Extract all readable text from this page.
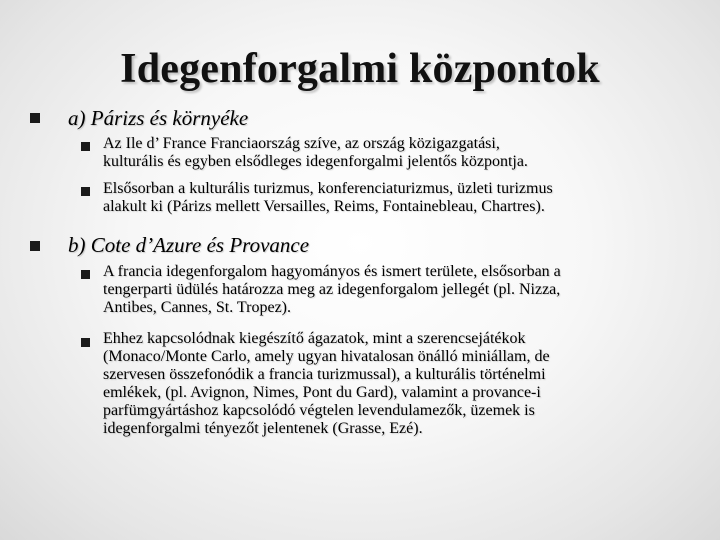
Idegenforgalmi központok
a) Párizs és környéke
Az Ile d’ France Franciaország szíve, az ország közigazgatási,
kulturális és egyben elsődleges idegenforgalmi jelentős központja.
Elsősorban a kulturális turizmus, konferenciaturizmus, üzleti turizmus
alakult ki (Párizs mellett Versailles, Reims, Fontainebleau, Chartres).
b) Cote d’Azure és Provance
A francia idegenforgalom hagyományos és ismert területe, elsősorban a
tengerparti üdülés határozza meg az idegenforgalom jellegét (pl. Nizza,
Antibes, Cannes, St. Tropez).
Ehhez kapcsolódnak kiegészítő ágazatok, mint a szerencsejátékok
(Monaco/Monte Carlo, amely ugyan hivatalosan önálló miniállam, de
szervesen összefonódik a francia turizmussal), a kulturális történelmi
emlékek, (pl. Avignon, Nimes, Pont du Gard), valamint a provance-i
parfümgyártáshoz kapcsolódó végtelen levendulamezők, üzemek is
idegenforgalmi tényezőt jelentenek (Grasse, Ezé).
